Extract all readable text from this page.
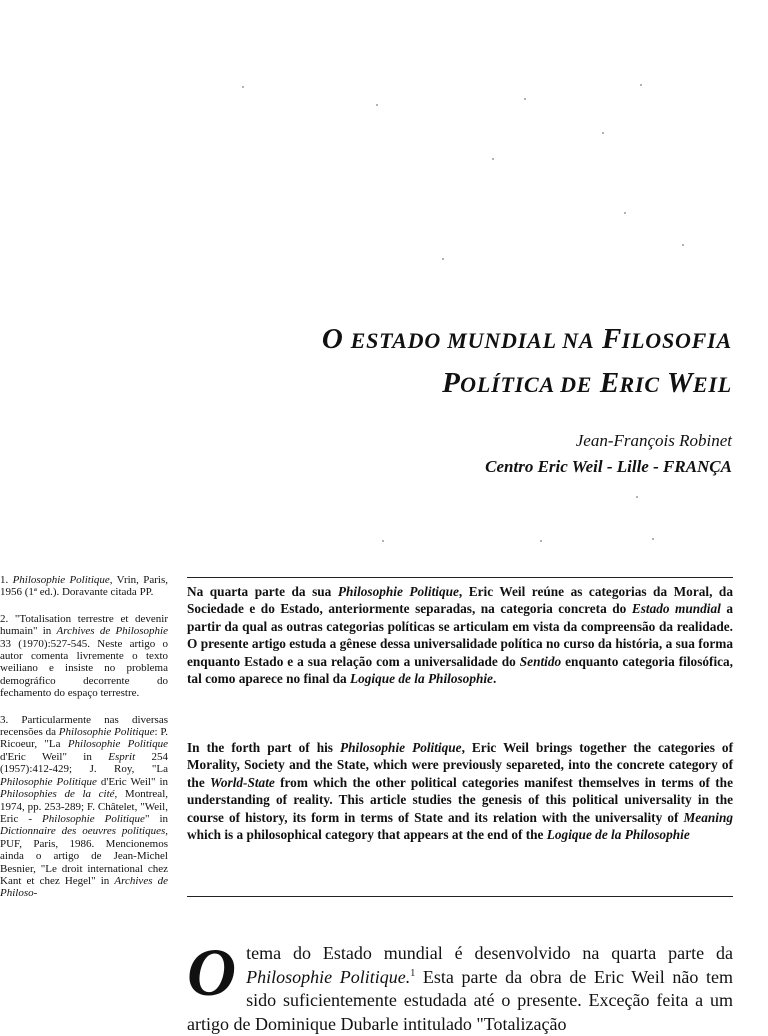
O ESTADO MUNDIAL NA FILOSOFIA
POLÍTICA DE ERIC WEIL
Jean-François Robinet
Centro Eric Weil - Lille - FRANÇA
1. Philosophie Politique, Vrin, Paris, 1956 (1ª ed.). Doravante citada PP.
2. "Totalisation terrestre et devenir humain" in Archives de Philosophie 33 (1970):527-545. Neste artigo o autor comenta livremente o texto weiliano e insiste no problema demográfico decorrente do fechamento do espaço terrestre.
3. Particularmente nas diversas recensões da Philosophie Politique: P. Ricoeur, "La Philosophie Politique d'Eric Weil" in Esprit 254 (1957):412-429; J. Roy, "La Philosophie Politique d'Eric Weil" in Philosophies de la cité, Montreal, 1974, pp. 253-289; F. Châtelet, "Weil, Eric - Philosophie Politique" in Dictionnaire des oeuvres politiques, PUF, Paris, 1986. Mencionemos ainda o artigo de Jean-Michel Besnier, "Le droit international chez Kant et chez Hegel" in Archives de Philoso-
Na quarta parte da sua Philosophie Politique, Eric Weil reúne as categorias da Moral, da Sociedade e do Estado, anteriormente separadas, na categoria concreta do Estado mundial a partir da qual as outras categorias políticas se articulam em vista da compreensão da realidade. O presente artigo estuda a gênese dessa universalidade política no curso da história, a sua forma enquanto Estado e a sua relação com a universalidade do Sentido enquanto categoria filosófica, tal como aparece no final da Logique de la Philosophie.
In the forth part of his Philosophie Politique, Eric Weil brings together the categories of Morality, Society and the State, which were previously separeted, into the concrete category of the World-State from which the other political categories manifest themselves in terms of the understanding of reality. This article studies the genesis of this political universality in the course of history, its form in terms of State and its relation with the universality of Meaning which is a philosophical category that appears at the end of the Logique de la Philosophie
Otema do Estado mundial é desenvolvido na quarta parte da Philosophie Politique.$^1$ Esta parte da obra de Eric Weil não tem sido suficientemente estudada até o presente. Exceção feita a um artigo de Dominique Dubarle intitulado "Totalização
